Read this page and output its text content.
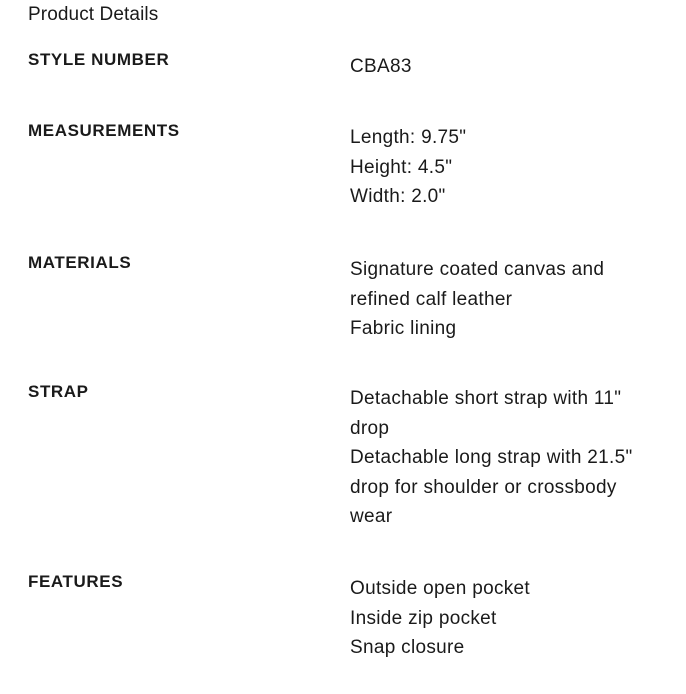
Product Details
STYLE NUMBER	CBA83
MEASUREMENTS	Length: 9.75"
Height: 4.5"
Width: 2.0"
MATERIALS	Signature coated canvas and
refined calf leather
Fabric lining
STRAP	Detachable short strap with 11"
drop
Detachable long strap with 21.5"
drop for shoulder or crossbody
wear
FEATURES	Outside open pocket
Inside zip pocket
Snap closure
